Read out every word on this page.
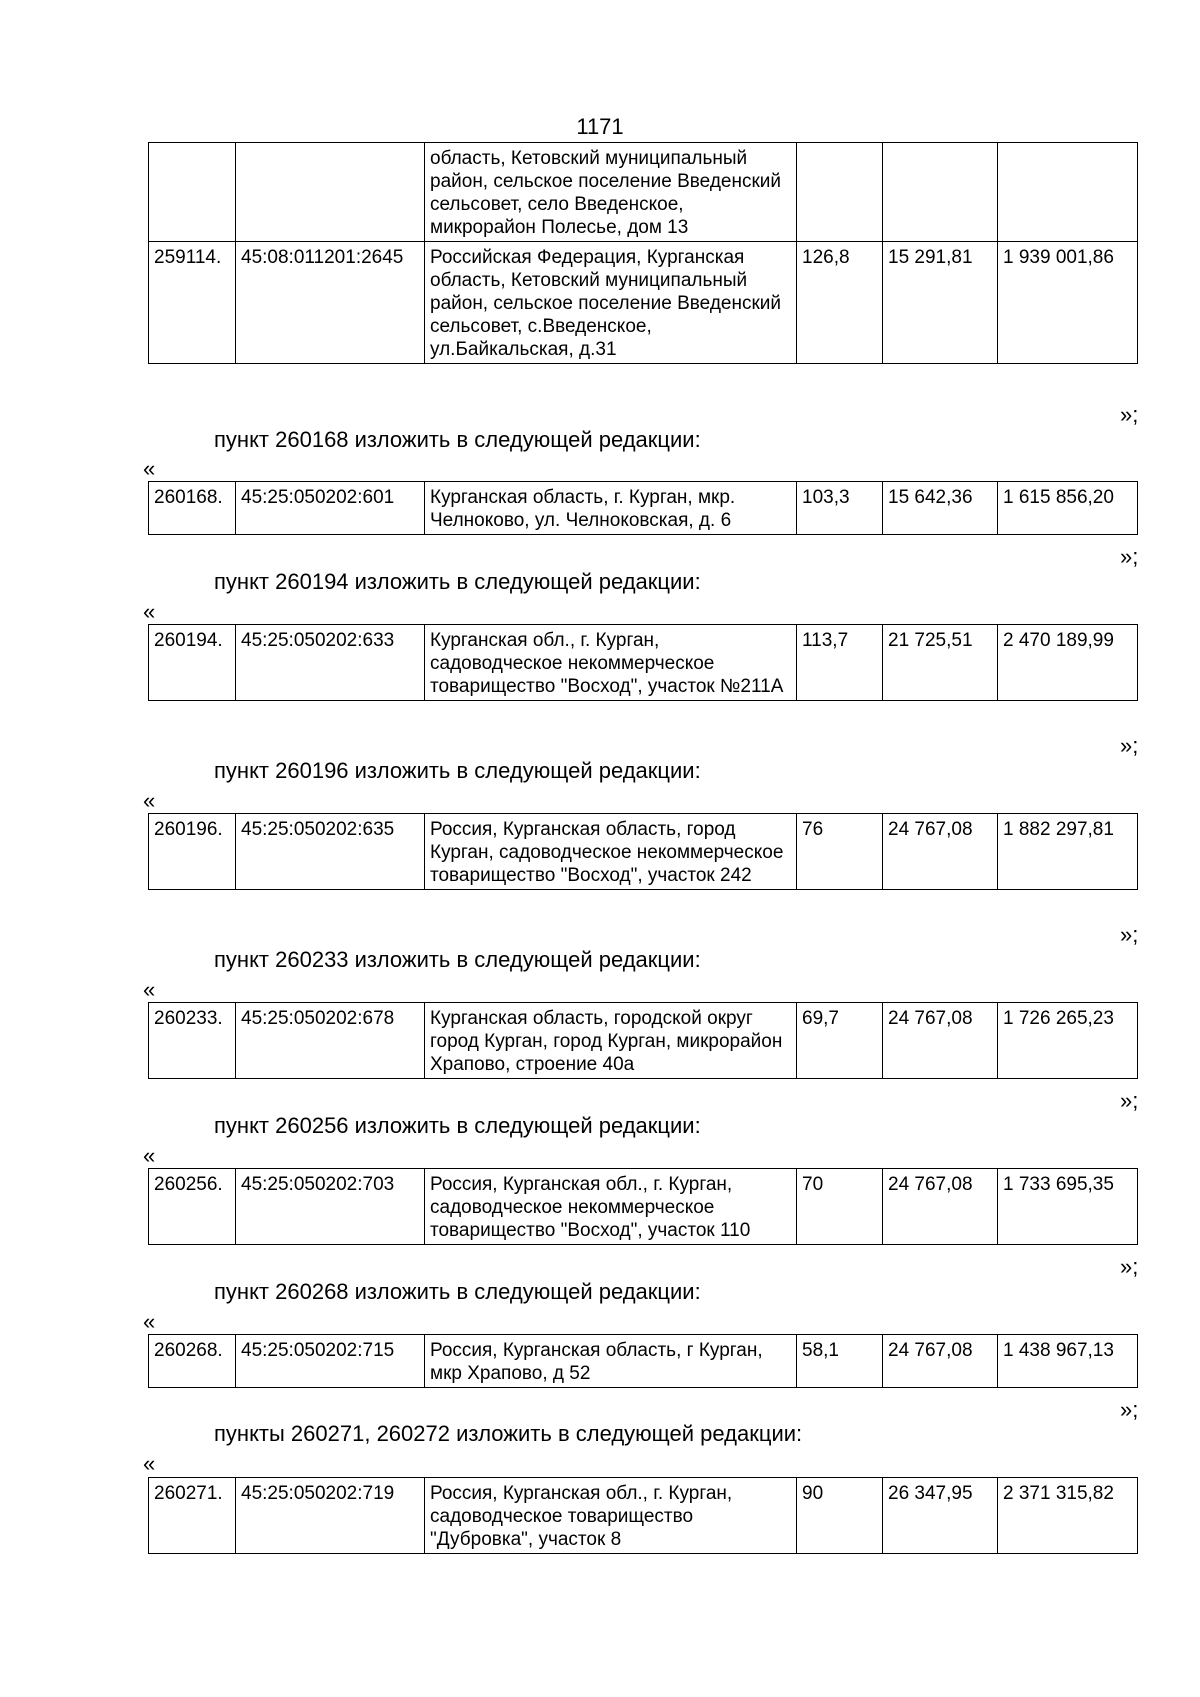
1171
		область, Кетовский муниципальный район, сельское поселение Введенский сельсовет, село Введенское, микрорайон Полесье, дом 13			
259114.	45:08:011201:2645	Российская Федерация, Курганская область, Кетовский муниципальный район, сельское поселение Введенский сельсовет, с.Введенское, ул.Байкальская, д.31	126,8	15 291,81	1 939 001,86
»;
пункт 260168 изложить в следующей редакции:
«
260168.	45:25:050202:601	Курганская область, г. Курган, мкр. Челноково, ул. Челноковская, д. 6	103,3	15 642,36	1 615 856,20
»;
пункт 260194 изложить в следующей редакции:
«
260194.	45:25:050202:633	Курганская обл., г. Курган, садоводческое некоммерческое товарищество "Восход", участок №211А	113,7	21 725,51	2 470 189,99
»;
пункт 260196 изложить в следующей редакции:
«
260196.	45:25:050202:635	Россия, Курганская область, город Курган, садоводческое некоммерческое товарищество "Восход", участок 242	76	24 767,08	1 882 297,81
»;
пункт 260233 изложить в следующей редакции:
«
260233.	45:25:050202:678	Курганская область, городской округ город Курган, город Курган, микрорайон Храпово, строение 40а	69,7	24 767,08	1 726 265,23
»;
пункт 260256 изложить в следующей редакции:
«
260256.	45:25:050202:703	Россия, Курганская обл., г. Курган, садоводческое некоммерческое товарищество "Восход", участок 110	70	24 767,08	1 733 695,35
»;
пункт 260268 изложить в следующей редакции:
«
260268.	45:25:050202:715	Россия, Курганская область, г Курган, мкр Храпово, д 52	58,1	24 767,08	1 438 967,13
»;
пункты 260271, 260272 изложить в следующей редакции:
«
260271.	45:25:050202:719	Россия, Курганская обл., г. Курган, садоводческое товарищество "Дубровка", участок 8	90	26 347,95	2 371 315,82
